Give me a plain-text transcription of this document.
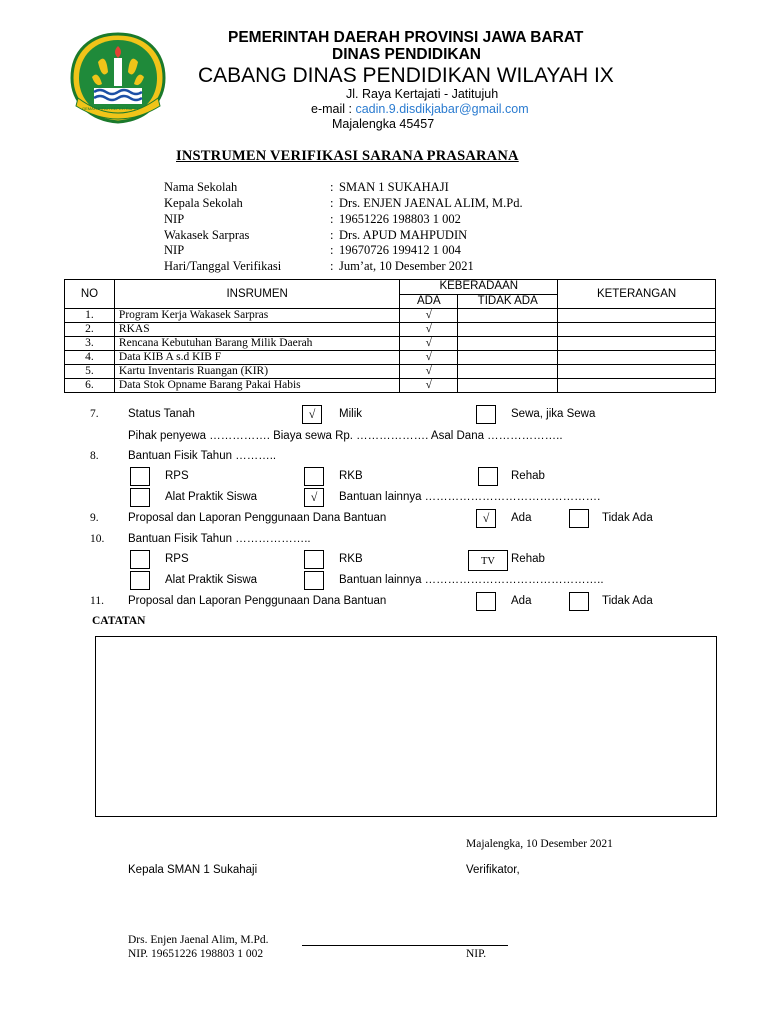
GEMAH RIPAH REPEH RAPIH
PEMERINTAH DAERAH PROVINSI JAWA BARAT
DINAS PENDIDIKAN
CABANG DINAS PENDIDIKAN WILAYAH IX
Jl. Raya Kertajati - Jatitujuh
e-mail : cadin.9.disdikjabar@gmail.com
Majalengka 45457
INSTRUMEN VERIFIKASI SARANA PRASARANA
Nama Sekolah	: SMAN 1 SUKAHAJI
Kepala Sekolah	: Drs. ENJEN JAENAL ALIM, M.Pd.
NIP	: 19651226 198803 1 002
Wakasek Sarpras	: Drs. APUD MAHPUDIN
NIP	: 19670726 199412 1 004
Hari/Tanggal Verifikasi	: Jum’at, 10 Desember 2021
NO	INSRUMEN	KEBERADAAN		KETERANGAN
		ADA	TIDAK ADA	
1.	Program Kerja Wakasek Sarpras	√		
2.	RKAS	√		
3.	Rencana Kebutuhan Barang Milik Daerah	√		
4.	Data KIB A s.d KIB F	√		
5.	Kartu Inventaris Ruangan (KIR)	√		
6.	Data Stok Opname Barang Pakai Habis	√		
7.	Status Tanah	√	Milik	Sewa, jika Sewa
Pihak penyewa ……………. Biaya sewa Rp. ………………. Asal Dana ………………..
8.	Bantuan Fisik Tahun ………..
RPS	RKB	Rehab
Alat Praktik Siswa	√	Bantuan lainnya ……………………………………….
9.	Proposal dan Laporan Penggunaan Dana Bantuan	√	Ada	Tidak Ada
10. Bantuan Fisik Tahun ………………..
RPS	RKB	TV	Rehab
Alat Praktik Siswa	Bantuan lainnya ………………………………………..
11. Proposal dan Laporan Penggunaan Dana Bantuan	Ada	Tidak Ada
CATATAN
Majalengka, 10 Desember 2021
Kepala SMAN 1 Sukahaji	Verifikator,
Drs. Enjen Jaenal Alim, M.Pd.
NIP. 19651226 198803 1 002	NIP.
